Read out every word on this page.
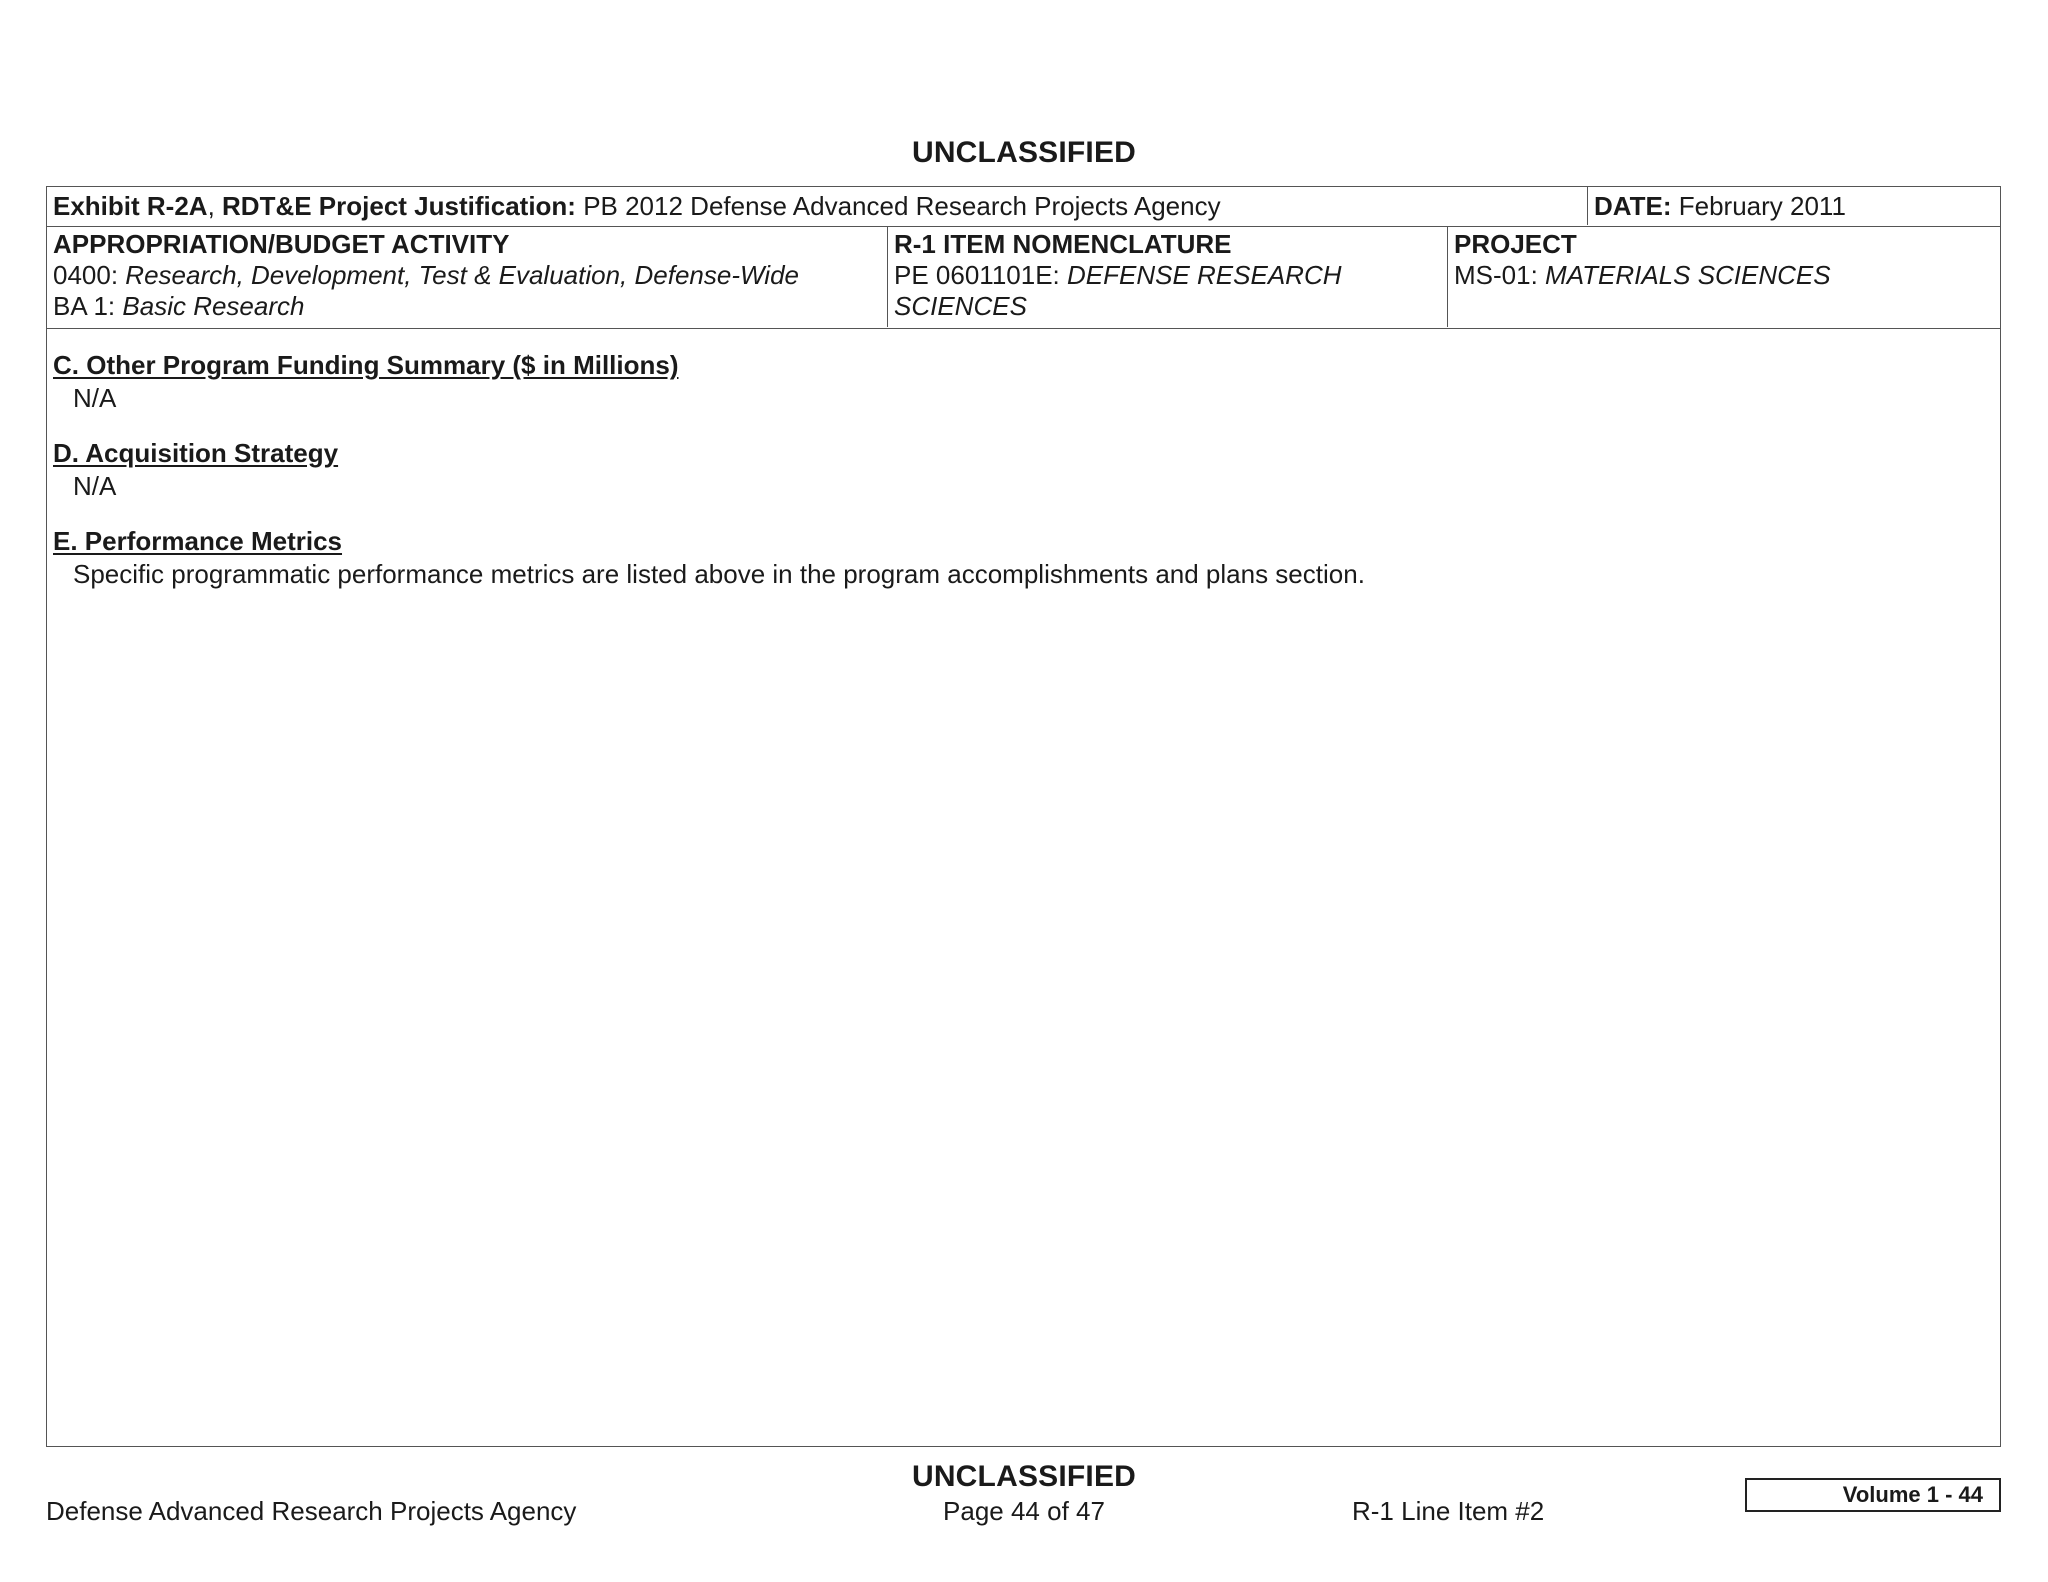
UNCLASSIFIED
Exhibit R-2A, RDT&E Project Justification: PB 2012 Defense Advanced Research Projects Agency	DATE: February 2011
APPROPRIATION/BUDGET ACTIVITY
0400: Research, Development, Test & Evaluation, Defense-Wide
BA 1: Basic Research
R-1 ITEM NOMENCLATURE
PE 0601101E: DEFENSE RESEARCH SCIENCES
PROJECT
MS-01: MATERIALS SCIENCES
C. Other Program Funding Summary ($ in Millions)
N/A
D. Acquisition Strategy
N/A
E. Performance Metrics
Specific programmatic performance metrics are listed above in the program accomplishments and plans section.
UNCLASSIFIED
Defense Advanced Research Projects Agency	Page 44 of 47	R-1 Line Item #2
Volume 1 - 44
